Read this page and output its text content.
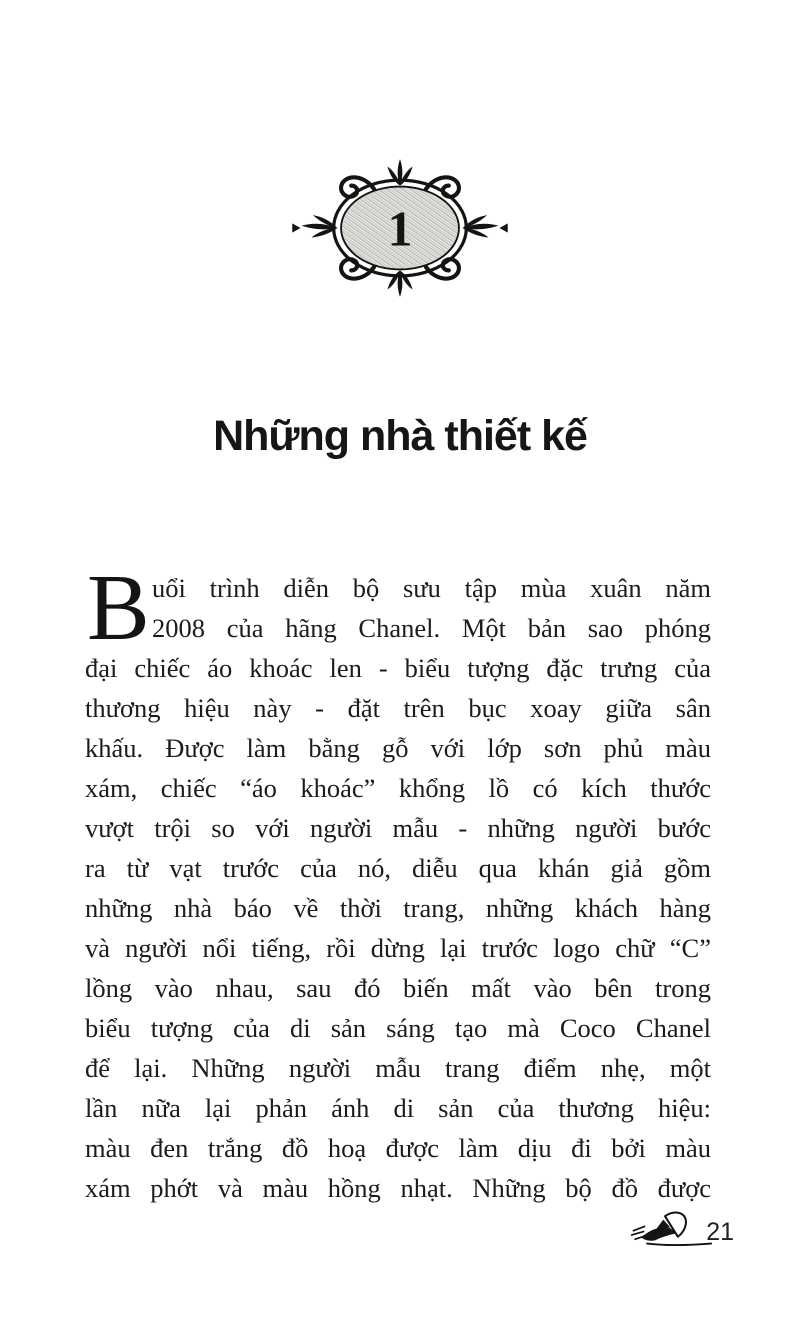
1
Những nhà thiết kế
B uổi trình diễn bộ sưu tập mùa xuân năm
2008 của hãng Chanel. Một bản sao phóng
đại chiếc áo khoác len - biểu tượng đặc trưng của
thương hiệu này - đặt trên bục xoay giữa sân
khấu. Được làm bằng gỗ với lớp sơn phủ màu
xám, chiếc “áo khoác” khổng lồ có kích thước
vượt trội so với người mẫu - những người bước
ra từ vạt trước của nó, diễu qua khán giả gồm
những nhà báo về thời trang, những khách hàng
và người nổi tiếng, rồi dừng lại trước logo chữ “C”
lồng vào nhau, sau đó biến mất vào bên trong
biểu tượng của di sản sáng tạo mà Coco Chanel
để lại. Những người mẫu trang điểm nhẹ, một
lần nữa lại phản ánh di sản của thương hiệu:
màu đen trắng đồ hoạ được làm dịu đi bởi màu
xám phớt và màu hồng nhạt. Những bộ đồ được
21
